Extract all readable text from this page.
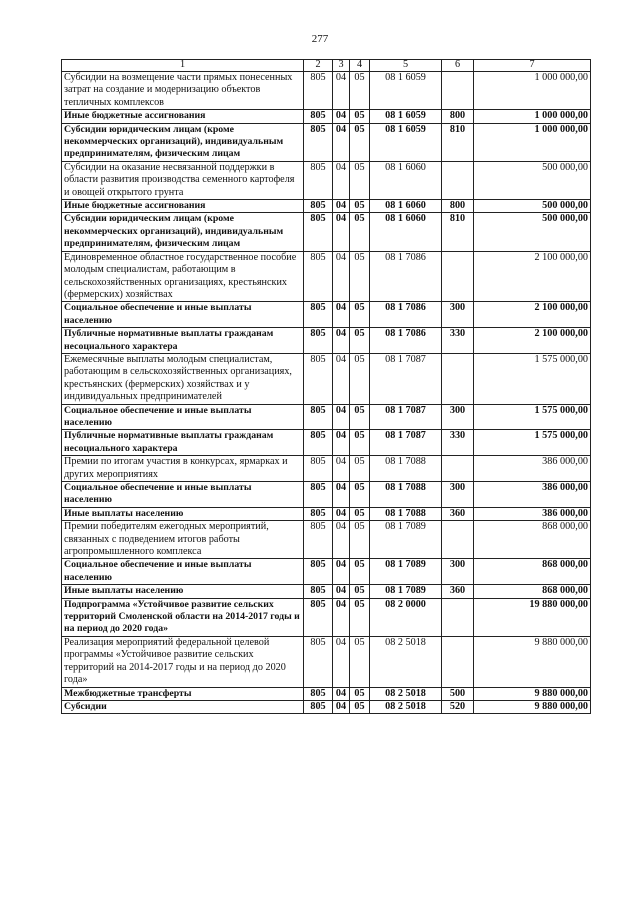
277
1	2	3	4	5	6	7
Субсидии на возмещение части прямых понесенных затрат на создание и модернизацию объектов тепличных комплексов	805	04	05	08 1 6059		1 000 000,00
Иные бюджетные ассигнования	805	04	05	08 1 6059	800	1 000 000,00
Субсидии юридическим лицам (кроме некоммерческих организаций), индивидуальным предпринимателям, физическим лицам	805	04	05	08 1 6059	810	1 000 000,00
Субсидии на оказание несвязанной поддержки в области развития производства семенного картофеля и овощей открытого грунта	805	04	05	08 1 6060		500 000,00
Иные бюджетные ассигнования	805	04	05	08 1 6060	800	500 000,00
Субсидии юридическим лицам (кроме некоммерческих организаций), индивидуальным предпринимателям, физическим лицам	805	04	05	08 1 6060	810	500 000,00
Единовременное областное государственное пособие молодым специалистам, работающим в сельскохозяйственных организациях, крестьянских (фермерских) хозяйствах	805	04	05	08 1 7086		2 100 000,00
Социальное обеспечение и иные выплаты населению	805	04	05	08 1 7086	300	2 100 000,00
Публичные нормативные выплаты гражданам несоциального характера	805	04	05	08 1 7086	330	2 100 000,00
Ежемесячные выплаты молодым специалистам, работающим в сельскохозяйственных организациях, крестьянских (фермерских) хозяйствах и у индивидуальных предпринимателей	805	04	05	08 1 7087		1 575 000,00
Социальное обеспечение и иные выплаты населению	805	04	05	08 1 7087	300	1 575 000,00
Публичные нормативные выплаты гражданам несоциального характера	805	04	05	08 1 7087	330	1 575 000,00
Премии по итогам участия в конкурсах, ярмарках и других мероприятиях	805	04	05	08 1 7088		386 000,00
Социальное обеспечение и иные выплаты населению	805	04	05	08 1 7088	300	386 000,00
Иные выплаты населению	805	04	05	08 1 7088	360	386 000,00
Премии победителям ежегодных мероприятий, связанных с подведением итогов работы агропромышленного комплекса	805	04	05	08 1 7089		868 000,00
Социальное обеспечение и иные выплаты населению	805	04	05	08 1 7089	300	868 000,00
Иные выплаты населению	805	04	05	08 1 7089	360	868 000,00
Подпрограмма «Устойчивое развитие сельских территорий Смоленской области на 2014-2017 годы и на период до 2020 года»	805	04	05	08 2 0000		19 880 000,00
Реализация мероприятий федеральной целевой программы «Устойчивое развитие сельских территорий на 2014-2017 годы и на период до 2020 года»	805	04	05	08 2 5018		9 880 000,00
Межбюджетные трансферты	805	04	05	08 2 5018	500	9 880 000,00
Субсидии	805	04	05	08 2 5018	520	9 880 000,00
